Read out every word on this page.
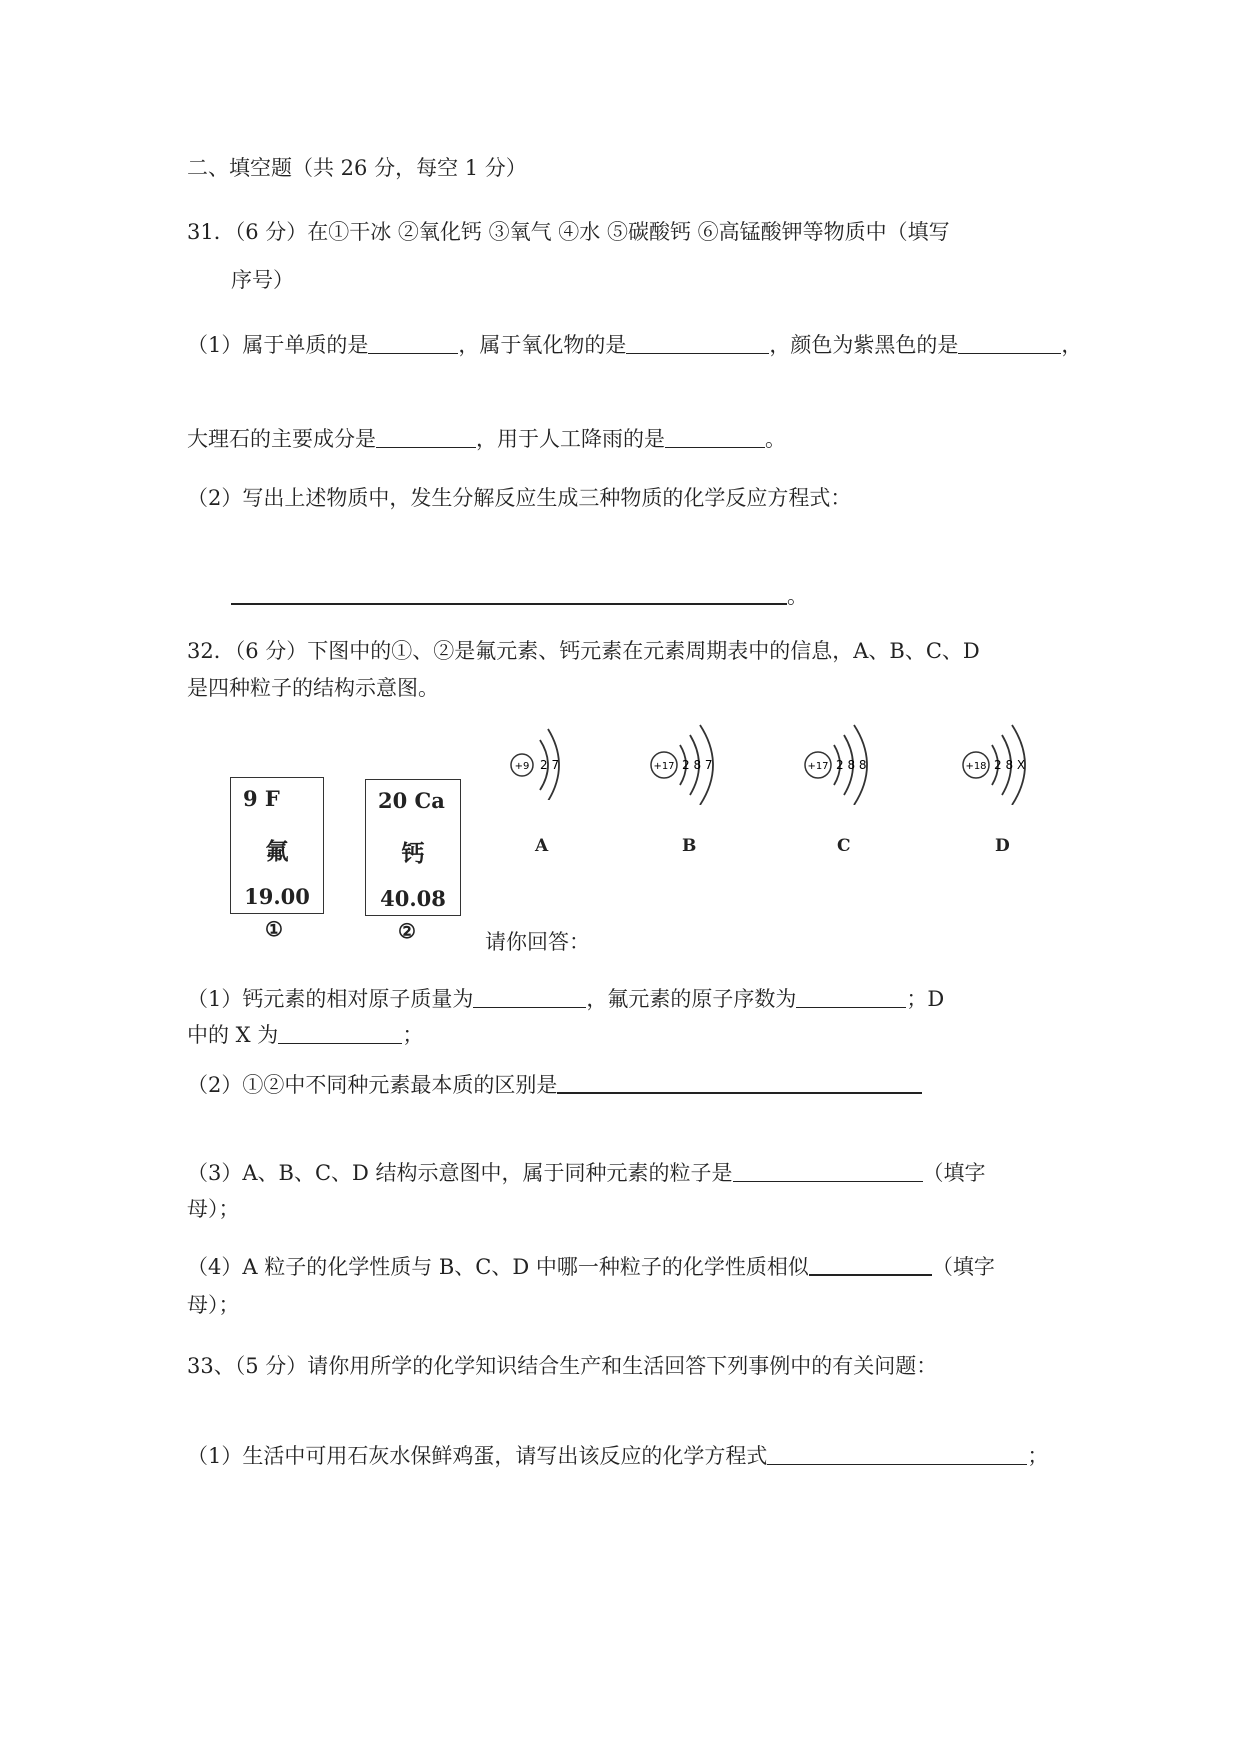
二、填空题（共 26 分，每空 1 分）
31．（6 分）在①干冰 ②氧化钙 ③氧气 ④水 ⑤碳酸钙 ⑥高锰酸钾等物质中（填写
序号）
（1）属于单质的是	，属于氧化物的是	，颜色为紫黑色的是	，
大理石的主要成分是	，用于人工降雨的是	。
（2）写出上述物质中，发生分解反应生成三种物质的化学反应方程式：
。
32．（6 分）下图中的①、②是氟元素、钙元素在元素周期表中的信息，A、B、C、D
是四种粒子的结构示意图。
9 F
氟
19.00
①
20 Ca
钙
40.08
②
+9 2 7
A
+17 2 8 7
B
+17 2 8 8
C
+18 2 8 X
D
请你回答：
（1）钙元素的相对原子质量为	，氟元素的原子序数为	；D
中的 X 为	；
（2）①②中不同种元素最本质的区别是
（3）A、B、C、D 结构示意图中，属于同种元素的粒子是	（填字
母）；
（4）A 粒子的化学性质与 B、C、D 中哪一种粒子的化学性质相似	（填字
母）；
33、（5 分）请你用所学的化学知识结合生产和生活回答下列事例中的有关问题：
（1）生活中可用石灰水保鲜鸡蛋，请写出该反应的化学方程式	；
